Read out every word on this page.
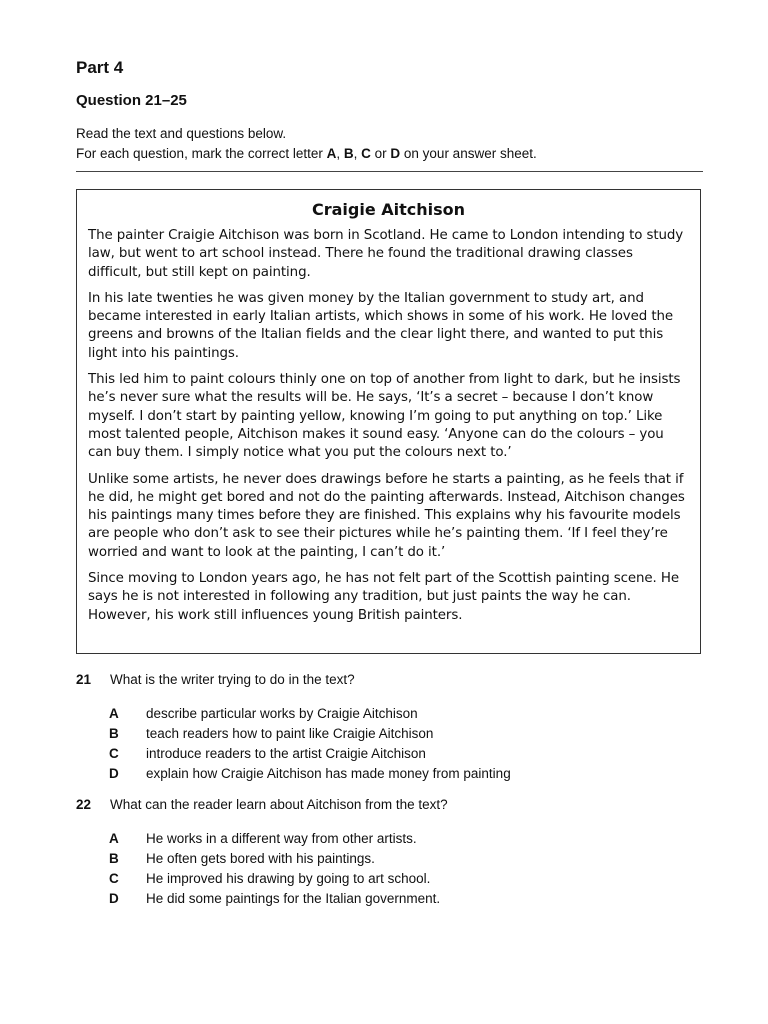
Part 4
Question 21–25

Read the text and questions below.

For each question, mark the correct letter A, B, C or D on your answer sheet.

Craigie Aitchison

The painter Craigie Aitchison was born in Scotland. He came to London intending to study law, but went to art school instead. There he found the traditional drawing classes difficult, but still kept on painting.

In his late twenties he was given money by the Italian government to study art, and became interested in early Italian artists, which shows in some of his work. He loved the greens and browns of the Italian fields and the clear light there, and wanted to put this light into his paintings.

This led him to paint colours thinly one on top of another from light to dark, but he insists he’s never sure what the results will be. He says, ‘It’s a secret – because I don’t know myself. I don’t start by painting yellow, knowing I’m going to put anything on top.’ Like most talented people, Aitchison makes it sound easy. ‘Anyone can do the colours – you can buy them. I simply notice what you put the colours next to.’

Unlike some artists, he never does drawings before he starts a painting, as he feels that if he did, he might get bored and not do the painting afterwards. Instead, Aitchison changes his paintings many times before they are finished. This explains why his favourite models are people who don’t ask to see their pictures while he’s painting them. ‘If I feel they’re worried and want to look at the painting, I can’t do it.’

Since moving to London years ago, he has not felt part of the Scottish painting scene. He says he is not interested in following any tradition, but just paints the way he can. However, his work still influences young British painters.

21	What is the writer trying to do in the text?
A	describe particular works by Craigie Aitchison
B	teach readers how to paint like Craigie Aitchison
C	introduce readers to the artist Craigie Aitchison
D	explain how Craigie Aitchison has made money from painting
22	What can the reader learn about Aitchison from the text?
A	He works in a different way from other artists.
B	He often gets bored with his paintings.
C	He improved his drawing by going to art school.
D	He did some paintings for the Italian government.
